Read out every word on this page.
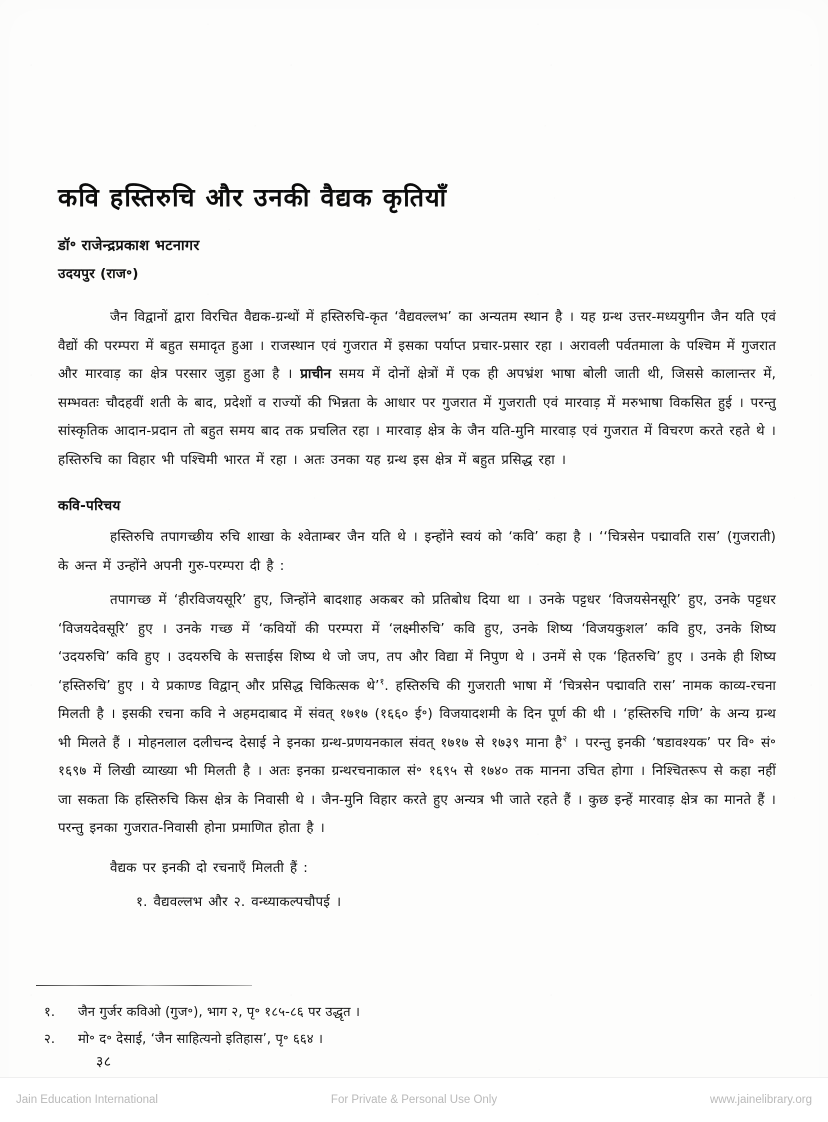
कवि हस्तिरुचि और उनकी वैद्यक कृतियाँ

डॉ॰ राजेन्द्रप्रकाश भटनागर

उदयपुर (राज॰)

जैन विद्वानों द्वारा विरचित वैद्यक-ग्रन्थों में हस्तिरुचि-कृत ‘वैद्यवल्लभ’ का अन्यतम स्थान है । यह ग्रन्थ उत्तर-मध्ययुगीन जैन यति एवं वैद्यों की परम्परा में बहुत समादृत हुआ । राजस्थान एवं गुजरात में इसका पर्याप्त प्रचार-प्रसार रहा । अरावली पर्वतमाला के पश्चिम में गुजरात और मारवाड़ का क्षेत्र परसार जुड़ा हुआ है । प्राचीन समय में दोनों क्षेत्रों में एक ही अपभ्रंश भाषा बोली जाती थी, जिससे कालान्तर में, सम्भवतः चौदहवीं शती के बाद, प्रदेशों व राज्यों की भिन्नता के आधार पर गुजरात में गुजराती एवं मारवाड़ में मरुभाषा विकसित हुई । परन्तु सांस्कृतिक आदान-प्रदान तो बहुत समय बाद तक प्रचलित रहा । मारवाड़ क्षेत्र के जैन यति-मुनि मारवाड़ एवं गुजरात में विचरण करते रहते थे । हस्तिरुचि का विहार भी पश्चिमी भारत में रहा । अतः उनका यह ग्रन्थ इस क्षेत्र में बहुत प्रसिद्ध रहा ।

कवि-परिचय

हस्तिरुचि तपागच्छीय रुचि शाखा के श्वेताम्बर जैन यति थे । इन्होंने स्वयं को ‘कवि’ कहा है । ‘‘चित्रसेन पद्मावति रास’ (गुजराती) के अन्त में उन्होंने अपनी गुरु-परम्परा दी है :

तपागच्छ में ‘हीरविजयसूरि’ हुए, जिन्होंने बादशाह अकबर को प्रतिबोध दिया था । उनके पट्टधर ‘विजयसेनसूरि’ हुए, उनके पट्टधर ‘विजयदेवसूरि’ हुए । उनके गच्छ में ‘कवियों की परम्परा में ‘लक्ष्मीरुचि’ कवि हुए, उनके शिष्य ‘विजयकुशल’ कवि हुए, उनके शिष्य ‘उदयरुचि’ कवि हुए । उदयरुचि के सत्ताईस शिष्य थे जो जप, तप और विद्या में निपुण थे । उनमें से एक ‘हितरुचि’ हुए । उनके ही शिष्य ‘हस्तिरुचि’ हुए । ये प्रकाण्ड विद्वान् और प्रसिद्ध चिकित्सक थे’$^१$. हस्तिरुचि की गुजराती भाषा में ‘चित्रसेन पद्मावति रास’ नामक काव्य-रचना मिलती है । इसकी रचना कवि ने अहमदाबाद में संवत् १७१७ (१६६० ई॰) विजयादशमी के दिन पूर्ण की थी । ‘हस्तिरुचि गणि’ के अन्य ग्रन्थ भी मिलते हैं । मोहनलाल दलीचन्द देसाई ने इनका ग्रन्थ-प्रणयनकाल संवत् १७१७ से १७३९ माना है$^२$ । परन्तु इनकी ‘षडावश्यक’ पर वि॰ सं॰ १६९७ में लिखी व्याख्या भी मिलती है । अतः इनका ग्रन्थरचनाकाल सं॰ १६९५ से १७४० तक मानना उचित होगा । निश्चितरूप से कहा नहीं जा सकता कि हस्तिरुचि किस क्षेत्र के निवासी थे । जैन-मुनि विहार करते हुए अन्यत्र भी जाते रहते हैं । कुछ इन्हें मारवाड़ क्षेत्र का मानते हैं । परन्तु इनका गुजरात-निवासी होना प्रमाणित होता है ।

वैद्यक पर इनकी दो रचनाएँ मिलती हैं :

१. वैद्यवल्लभ और २. वन्ध्याकल्पचौपई ।

१.	जैन गुर्जर कविओ (गुज॰), भाग २, पृ॰ १८५-८६ पर उद्धृत ।
२.	मो॰ द॰ देसाई, ‘जैन साहित्यनो इतिहास’, पृ॰ ६६४ ।
३८
Jain Education International	For Private & Personal Use Only	www.jainelibrary.org
